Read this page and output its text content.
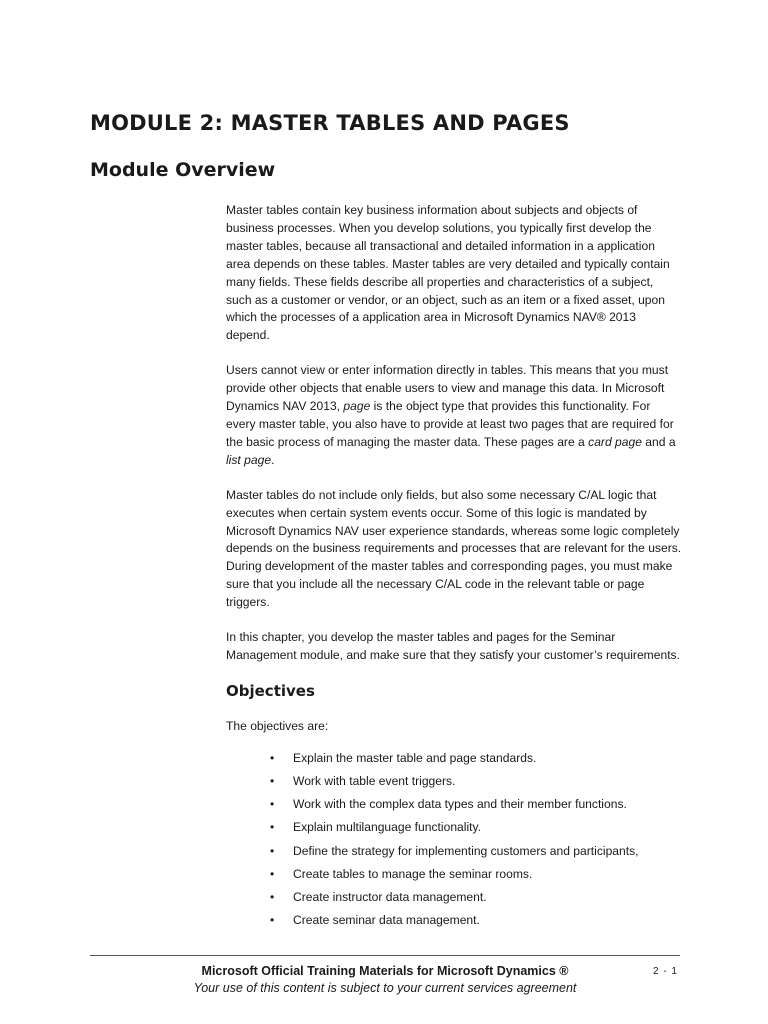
MODULE 2: MASTER TABLES AND PAGES
Module Overview

Master tables contain key business information about subjects and objects of business processes. When you develop solutions, you typically first develop the master tables, because all transactional and detailed information in a application area depends on these tables. Master tables are very detailed and typically contain many fields. These fields describe all properties and characteristics of a subject, such as a customer or vendor, or an object, such as an item or a fixed asset, upon which the processes of a application area in Microsoft Dynamics NAV® 2013 depend.

Users cannot view or enter information directly in tables. This means that you must provide other objects that enable users to view and manage this data. In Microsoft Dynamics NAV 2013, page is the object type that provides this functionality. For every master table, you also have to provide at least two pages that are required for the basic process of managing the master data. These pages are a card page and a list page.

Master tables do not include only fields, but also some necessary C/AL logic that executes when certain system events occur. Some of this logic is mandated by Microsoft Dynamics NAV user experience standards, whereas some logic completely depends on the business requirements and processes that are relevant for the users. During development of the master tables and corresponding pages, you must make sure that you include all the necessary C/AL code in the relevant table or page triggers.

In this chapter, you develop the master tables and pages for the Seminar Management module, and make sure that they satisfy your customer’s requirements.

Objectives

The objectives are:

• Explain the master table and page standards.
• Work with table event triggers.
• Work with the complex data types and their member functions.
• Explain multilanguage functionality.
• Define the strategy for implementing customers and participants,
• Create tables to manage the seminar rooms.
• Create instructor data management.
• Create seminar data management.
Microsoft Official Training Materials for Microsoft Dynamics ®
Your use of this content is subject to your current services agreement
2 - 1
